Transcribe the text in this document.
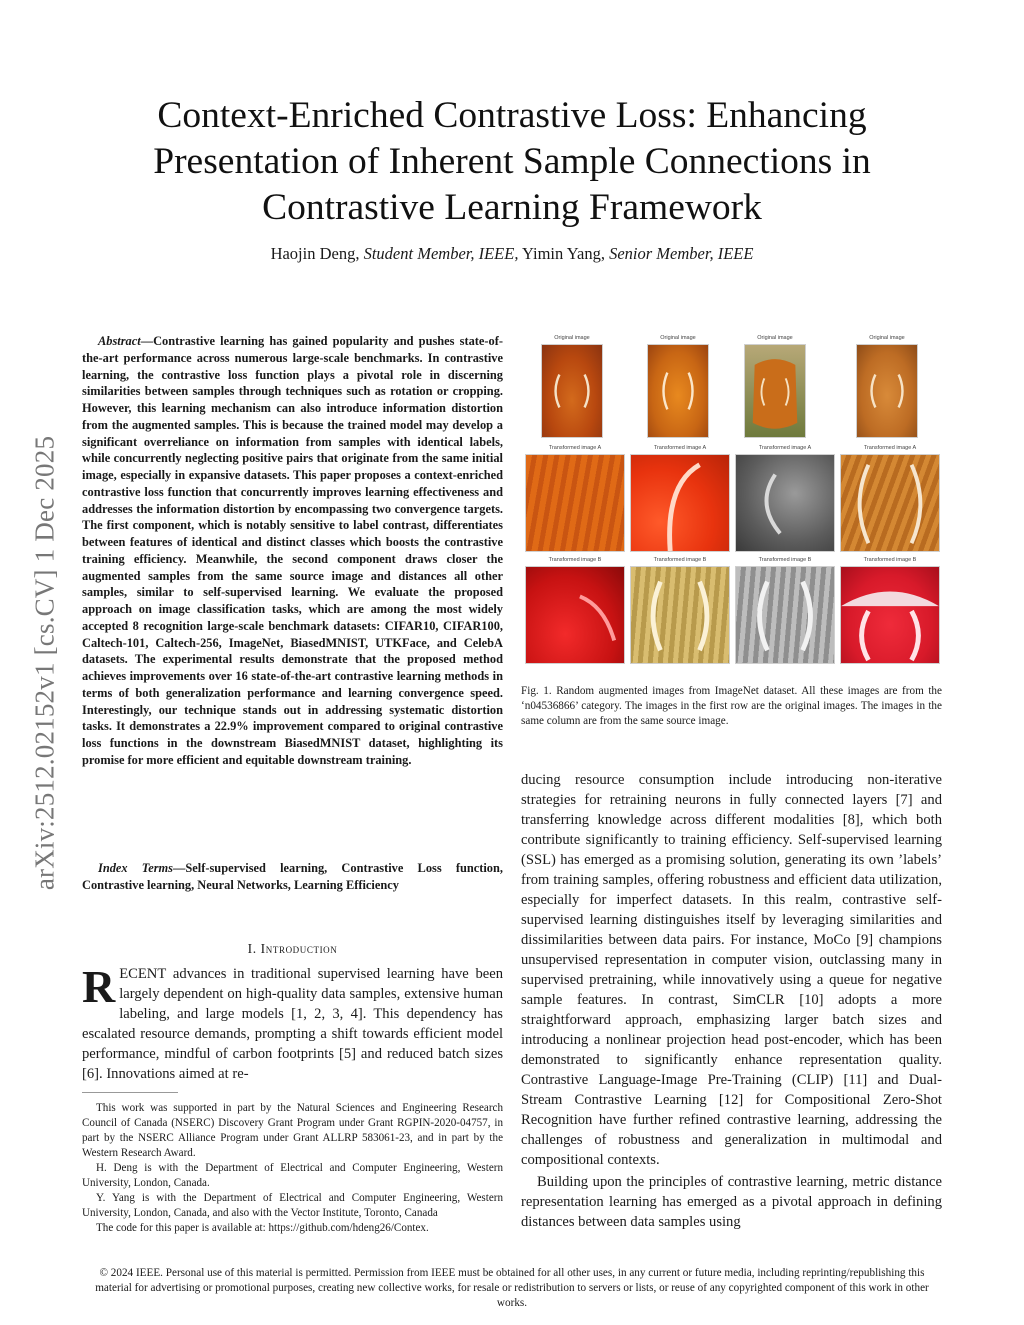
arXiv:2512.02152v1 [cs.CV] 1 Dec 2025
Context-Enriched Contrastive Loss: Enhancing Presentation of Inherent Sample Connections in Contrastive Learning Framework
Haojin Deng, Student Member, IEEE, Yimin Yang, Senior Member, IEEE
Abstract—Contrastive learning has gained popularity and pushes state-of-the-art performance across numerous large-scale benchmarks. In contrastive learning, the contrastive loss function plays a pivotal role in discerning similarities between samples through techniques such as rotation or cropping. However, this learning mechanism can also introduce information distortion from the augmented samples. This is because the trained model may develop a significant overreliance on information from samples with identical labels, while concurrently neglecting positive pairs that originate from the same initial image, especially in expansive datasets. This paper proposes a context-enriched contrastive loss function that concurrently improves learning effectiveness and addresses the information distortion by encompassing two convergence targets. The first component, which is notably sensitive to label contrast, differentiates between features of identical and distinct classes which boosts the contrastive training efficiency. Meanwhile, the second component draws closer the augmented samples from the same source image and distances all other samples, similar to self-supervised learning. We evaluate the proposed approach on image classification tasks, which are among the most widely accepted 8 recognition large-scale benchmark datasets: CIFAR10, CIFAR100, Caltech-101, Caltech-256, ImageNet, BiasedMNIST, UTKFace, and CelebA datasets. The experimental results demonstrate that the proposed method achieves improvements over 16 state-of-the-art contrastive learning methods in terms of both generalization performance and learning convergence speed. Interestingly, our technique stands out in addressing systematic distortion tasks. It demonstrates a 22.9% improvement compared to original contrastive loss functions in the downstream BiasedMNIST dataset, highlighting its promise for more efficient and equitable downstream training.
Index Terms—Self-supervised learning, Contrastive Loss function, Contrastive learning, Neural Networks, Learning Efficiency
I. Introduction
RECENT advances in traditional supervised learning have been largely dependent on high-quality data samples, extensive human labeling, and large models [1, 2, 3, 4]. This dependency has escalated resource demands, prompting a shift towards efficient model performance, mindful of carbon footprints [5] and reduced batch sizes [6]. Innovations aimed at re-

This work was supported in part by the Natural Sciences and Engineering Research Council of Canada (NSERC) Discovery Grant Program under Grant RGPIN-2020-04757, in part by the NSERC Alliance Program under Grant ALLRP 583061-23, and in part by the Western Research Award.

H. Deng is with the Department of Electrical and Computer Engineering, Western University, London, Canada.

Y. Yang is with the Department of Electrical and Computer Engineering, Western University, London, Canada, and also with the Vector Institute, Toronto, Canada

The code for this paper is available at: https://github.com/hdeng26/Contex.

Original image	Original image	Original image	Original image
Transformed image A	Transformed image A	Transformed image A	Transformed image A
Transformed image B	Transformed image B	Transformed image B	Transformed image B
Fig. 1. Random augmented images from ImageNet dataset. All these images are from the ‘n04536866’ category. The images in the first row are the original images. The images in the same column are from the same source image.

ducing resource consumption include introducing non-iterative strategies for retraining neurons in fully connected layers [7] and transferring knowledge across different modalities [8], which both contribute significantly to training efficiency. Self-supervised learning (SSL) has emerged as a promising solution, generating its own ’labels’ from training samples, offering robustness and efficient data utilization, especially for imperfect datasets. In this realm, contrastive self-supervised learning distinguishes itself by leveraging similarities and dissimilarities between data pairs. For instance, MoCo [9] champions unsupervised representation in computer vision, outclassing many in supervised pretraining, while innovatively using a queue for negative sample features. In contrast, SimCLR [10] adopts a more straightforward approach, emphasizing larger batch sizes and introducing a nonlinear projection head post-encoder, which has been demonstrated to significantly enhance representation quality. Contrastive Language-Image Pre-Training (CLIP) [11] and Dual-Stream Contrastive Learning [12] for Compositional Zero-Shot Recognition have further refined contrastive learning, addressing the challenges of robustness and generalization in multimodal and compositional contexts.

Building upon the principles of contrastive learning, metric distance representation learning has emerged as a pivotal approach in defining distances between data samples using

© 2024 IEEE. Personal use of this material is permitted. Permission from IEEE must be obtained for all other uses, in any current or future media, including reprinting/republishing this material for advertising or promotional purposes, creating new collective works, for resale or redistribution to servers or lists, or reuse of any copyrighted component of this work in other works.
